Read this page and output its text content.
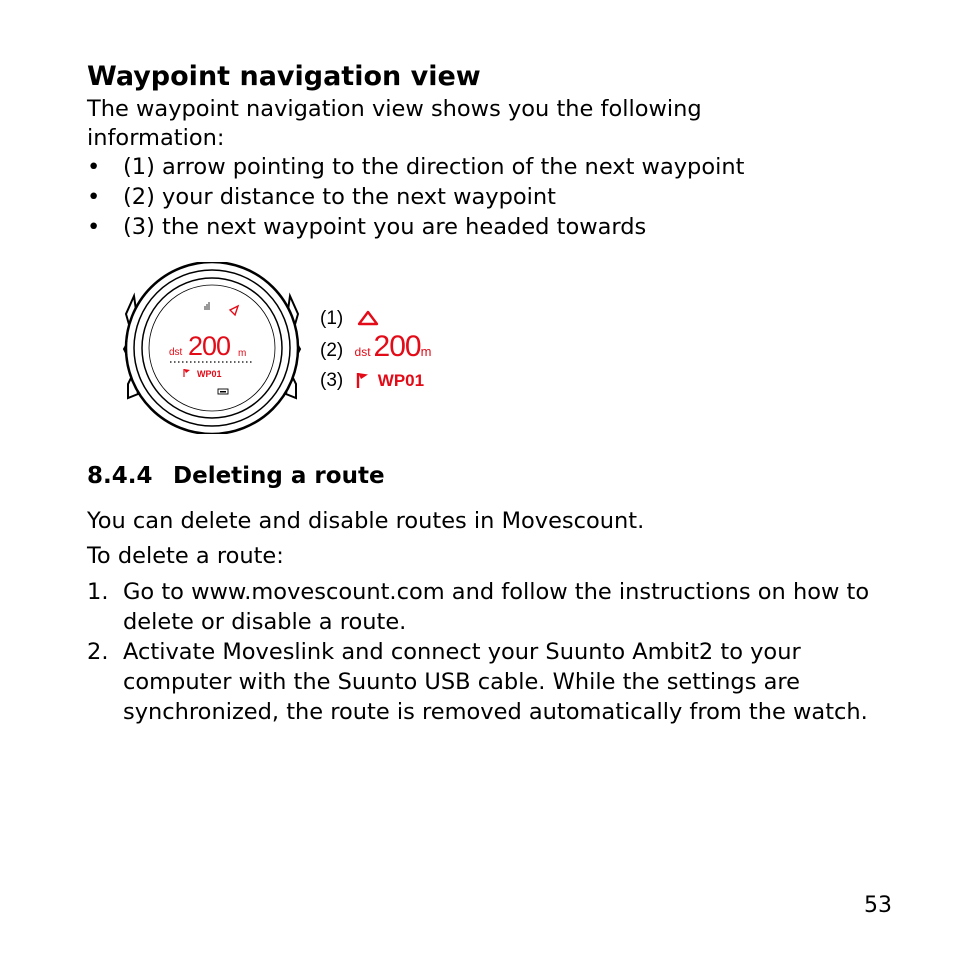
Waypoint navigation view

The waypoint navigation view shows you the following

information:

• (1) arrow pointing to the direction of the next waypoint
• (2) your distance to the next waypoint
• (3) the next waypoint you are headed towards
dst 200 m
WP01
(1)
(2) dst 200m
(3) WP01
8.4.4 Deleting a route

You can delete and disable routes in Movescount.

To delete a route:

1. Go to www.movescount.com and follow the instructions on how to delete or disable a route.
2. Activate Moveslink and connect your Suunto Ambit2 to your computer with the Suunto USB cable. While the settings are synchronized, the route is removed automatically from the watch.

53
